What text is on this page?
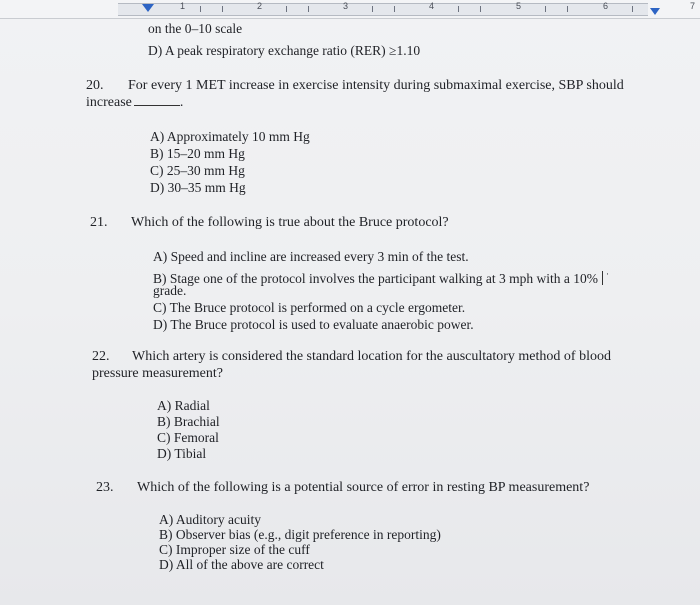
1	2	3	4	5	6	7
on the 0–10 scale
D) A peak respiratory exchange ratio (RER) ≥1.10
20. For every 1 MET increase in exercise intensity during submaximal exercise, SBP should
increase	.
A) Approximately 10 mm Hg
B) 15–20 mm Hg
C) 25–30 mm Hg
D) 30–35 mm Hg
21. Which of the following is true about the Bruce protocol?
A) Speed and incline are increased every 3 min of the test.
B) Stage one of the protocol involves the participant walking at 3 mph with a 10% ·
grade.
C) The Bruce protocol is performed on a cycle ergometer.
D) The Bruce protocol is used to evaluate anaerobic power.
22. Which artery is considered the standard location for the auscultatory method of blood
pressure measurement?
A) Radial
B) Brachial
C) Femoral
D) Tibial
23. Which of the following is a potential source of error in resting BP measurement?
A) Auditory acuity
B) Observer bias (e.g., digit preference in reporting)
C) Improper size of the cuff
D) All of the above are correct
